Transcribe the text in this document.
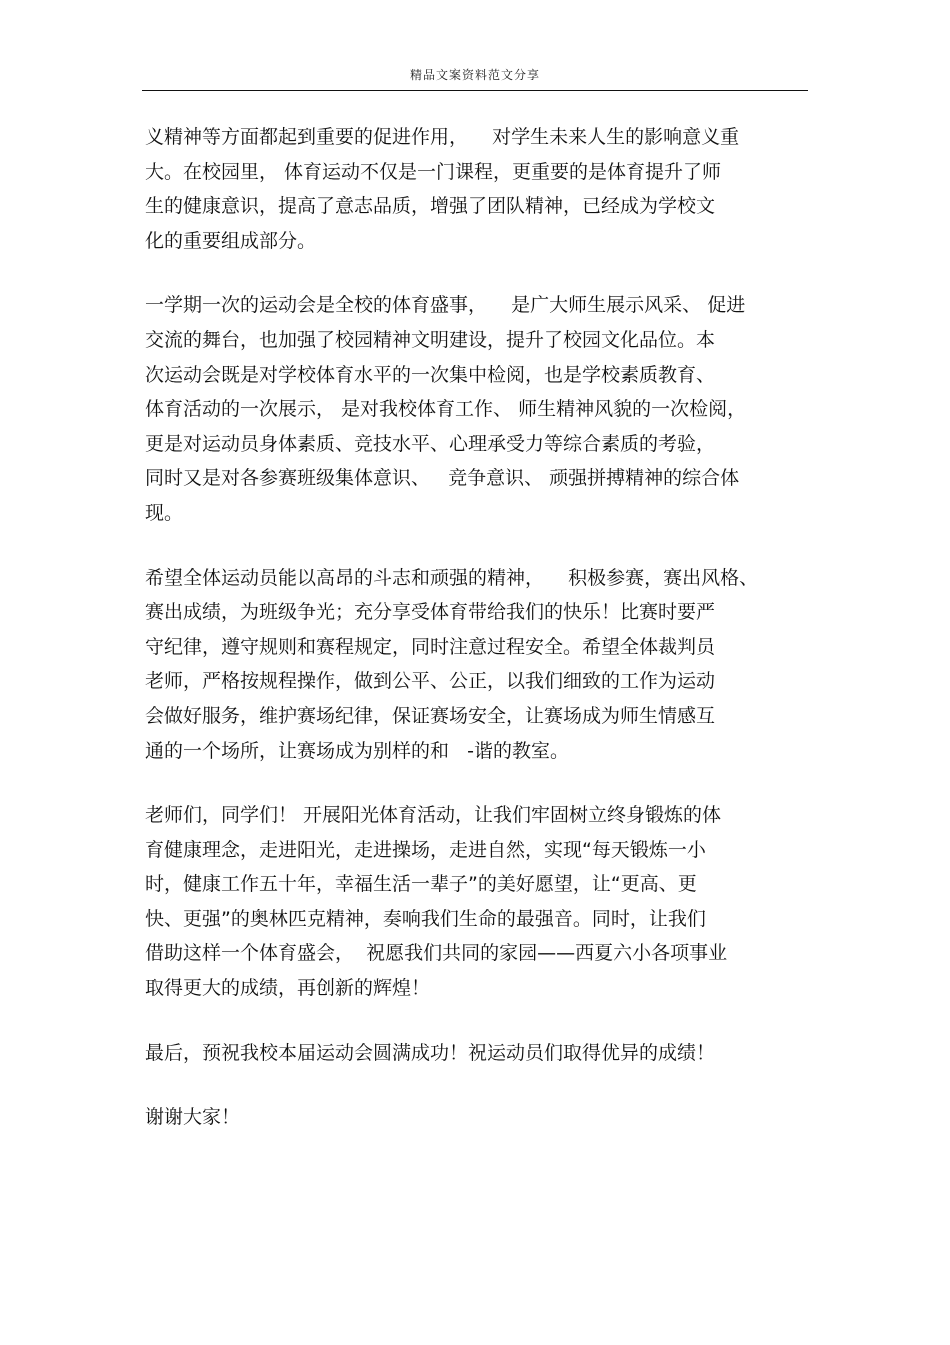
精品文案资料范文分享
义精神等方面都起到重要的促进作用，    对学生未来人生的影响意义重
大。在校园里， 体育运动不仅是一门课程，更重要的是体育提升了师
生的健康意识，提高了意志品质，增强了团队精神，已经成为学校文
化的重要组成部分。
一学期一次的运动会是全校的体育盛事，    是广大师生展示风采、 促进
交流的舞台，也加强了校园精神文明建设，提升了校园文化品位。本
次运动会既是对学校体育水平的一次集中检阅，也是学校素质教育、
体育活动的一次展示， 是对我校体育工作、 师生精神风貌的一次检阅，
更是对运动员身体素质、竞技水平、心理承受力等综合素质的考验，
同时又是对各参赛班级集体意识、   竞争意识、 顽强拼搏精神的综合体
现。
希望全体运动员能以高昂的斗志和顽强的精神，    积极参赛，赛出风格、
赛出成绩，为班级争光；充分享受体育带给我们的快乐！比赛时要严
守纪律，遵守规则和赛程规定，同时注意过程安全。希望全体裁判员
老师，严格按规程操作，做到公平、公正，以我们细致的工作为运动
会做好服务，维护赛场纪律，保证赛场安全，让赛场成为师生情感互
通的一个场所，让赛场成为别样的和   -谐的教室。
老师们，同学们！ 开展阳光体育活动，让我们牢固树立终身锻炼的体
育健康理念，走进阳光，走进操场，走进自然，实现“每天锻炼一小
时，健康工作五十年，幸福生活一辈子”的美好愿望，让“更高、更
快、更强”的奥林匹克精神，奏响我们生命的最强音。同时，让我们
借助这样一个体育盛会，  祝愿我们共同的家园——西夏六小各项事业
取得更大的成绩，再创新的辉煌！
最后，预祝我校本届运动会圆满成功！祝运动员们取得优异的成绩！
谢谢大家！
